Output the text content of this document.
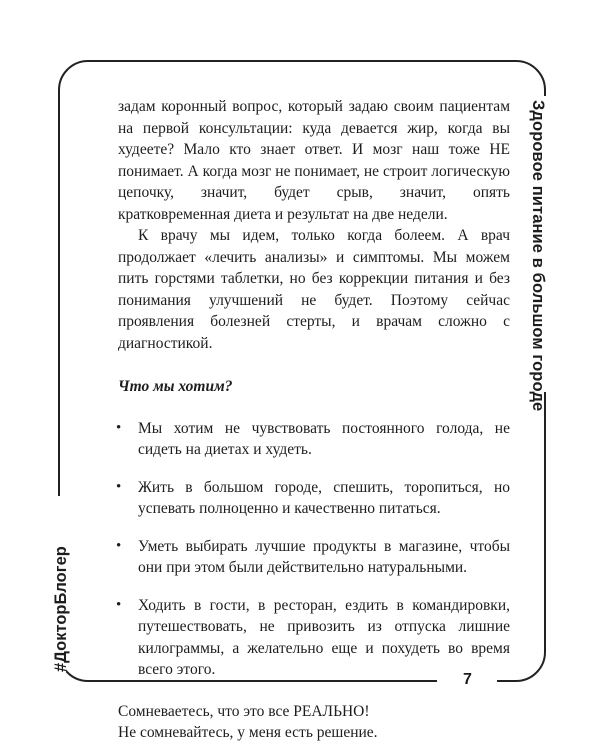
Здоровое питание в большом городе
#ДокторБлогер
7

задам коронный вопрос, который задаю своим пациентам на первой консультации: куда девается жир, когда вы худеете? Мало кто знает ответ. И мозг наш тоже НЕ понимает. А когда мозг не понимает, не строит логическую цепочку, значит, будет срыв, значит, опять кратковременная диета и результат на две недели.

К врачу мы идем, только когда болеем. А врач продолжает «лечить анализы» и симптомы. Мы можем пить горстями таблетки, но без коррекции питания и без понимания улучшений не будет. Поэтому сейчас проявления болезней стерты, и врачам сложно с диагностикой.

Что мы хотим?

• Мы хотим не чувствовать постоянного голода, не сидеть на диетах и худеть.
• Жить в большом городе, спешить, торопиться, но успевать полноценно и качественно питаться.
• Уметь выбирать лучшие продукты в магазине, чтобы они при этом были действительно натуральными.
• Ходить в гости, в ресторан, ездить в командировки, путешествовать, не привозить из отпуска лишние килограммы, а желательно еще и похудеть во время всего этого.
Сомневаетесь, что это все РЕАЛЬНО!
Не сомневайтесь, у меня есть решение.
